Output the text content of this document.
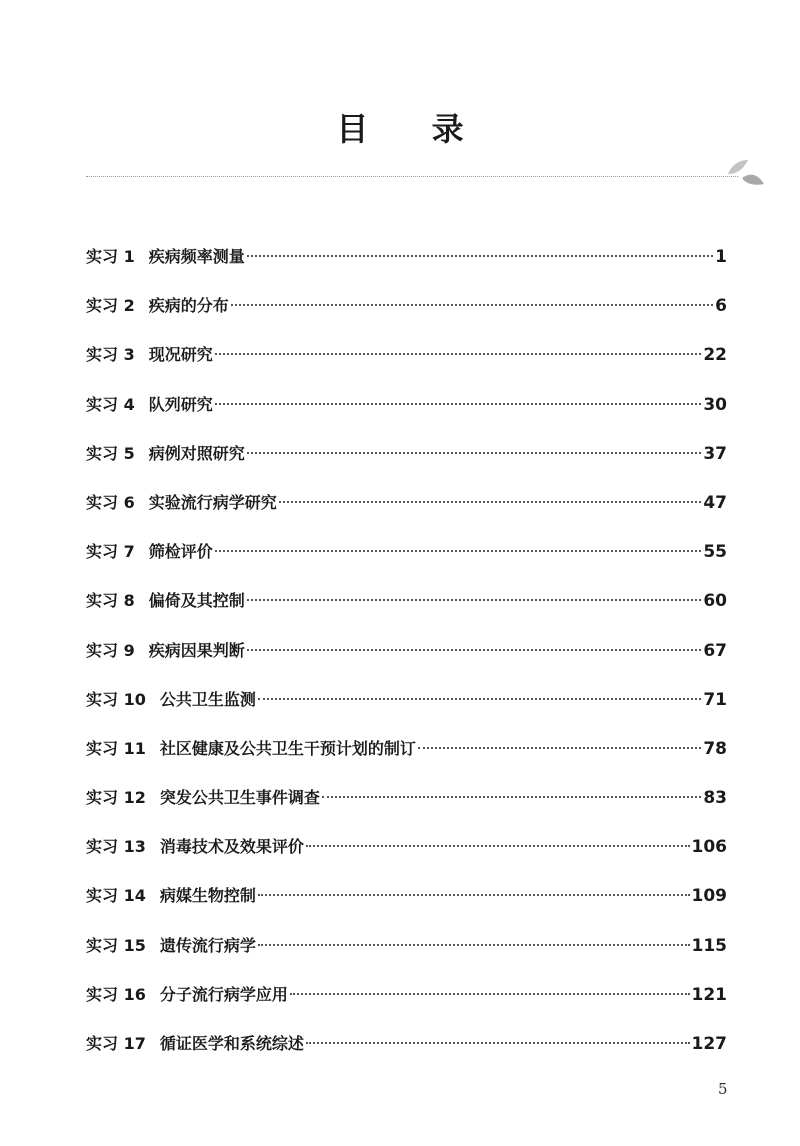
目 录
实习 1 疾病频率测量	1
实习 2 疾病的分布	6
实习 3 现况研究	22
实习 4 队列研究	30
实习 5 病例对照研究	37
实习 6 实验流行病学研究	47
实习 7 筛检评价	55
实习 8 偏倚及其控制	60
实习 9 疾病因果判断	67
实习 10 公共卫生监测	71
实习 11 社区健康及公共卫生干预计划的制订	78
实习 12 突发公共卫生事件调查	83
实习 13 消毒技术及效果评价	106
实习 14 病媒生物控制	109
实习 15 遗传流行病学	115
实习 16 分子流行病学应用	121
实习 17 循证医学和系统综述	127
5
